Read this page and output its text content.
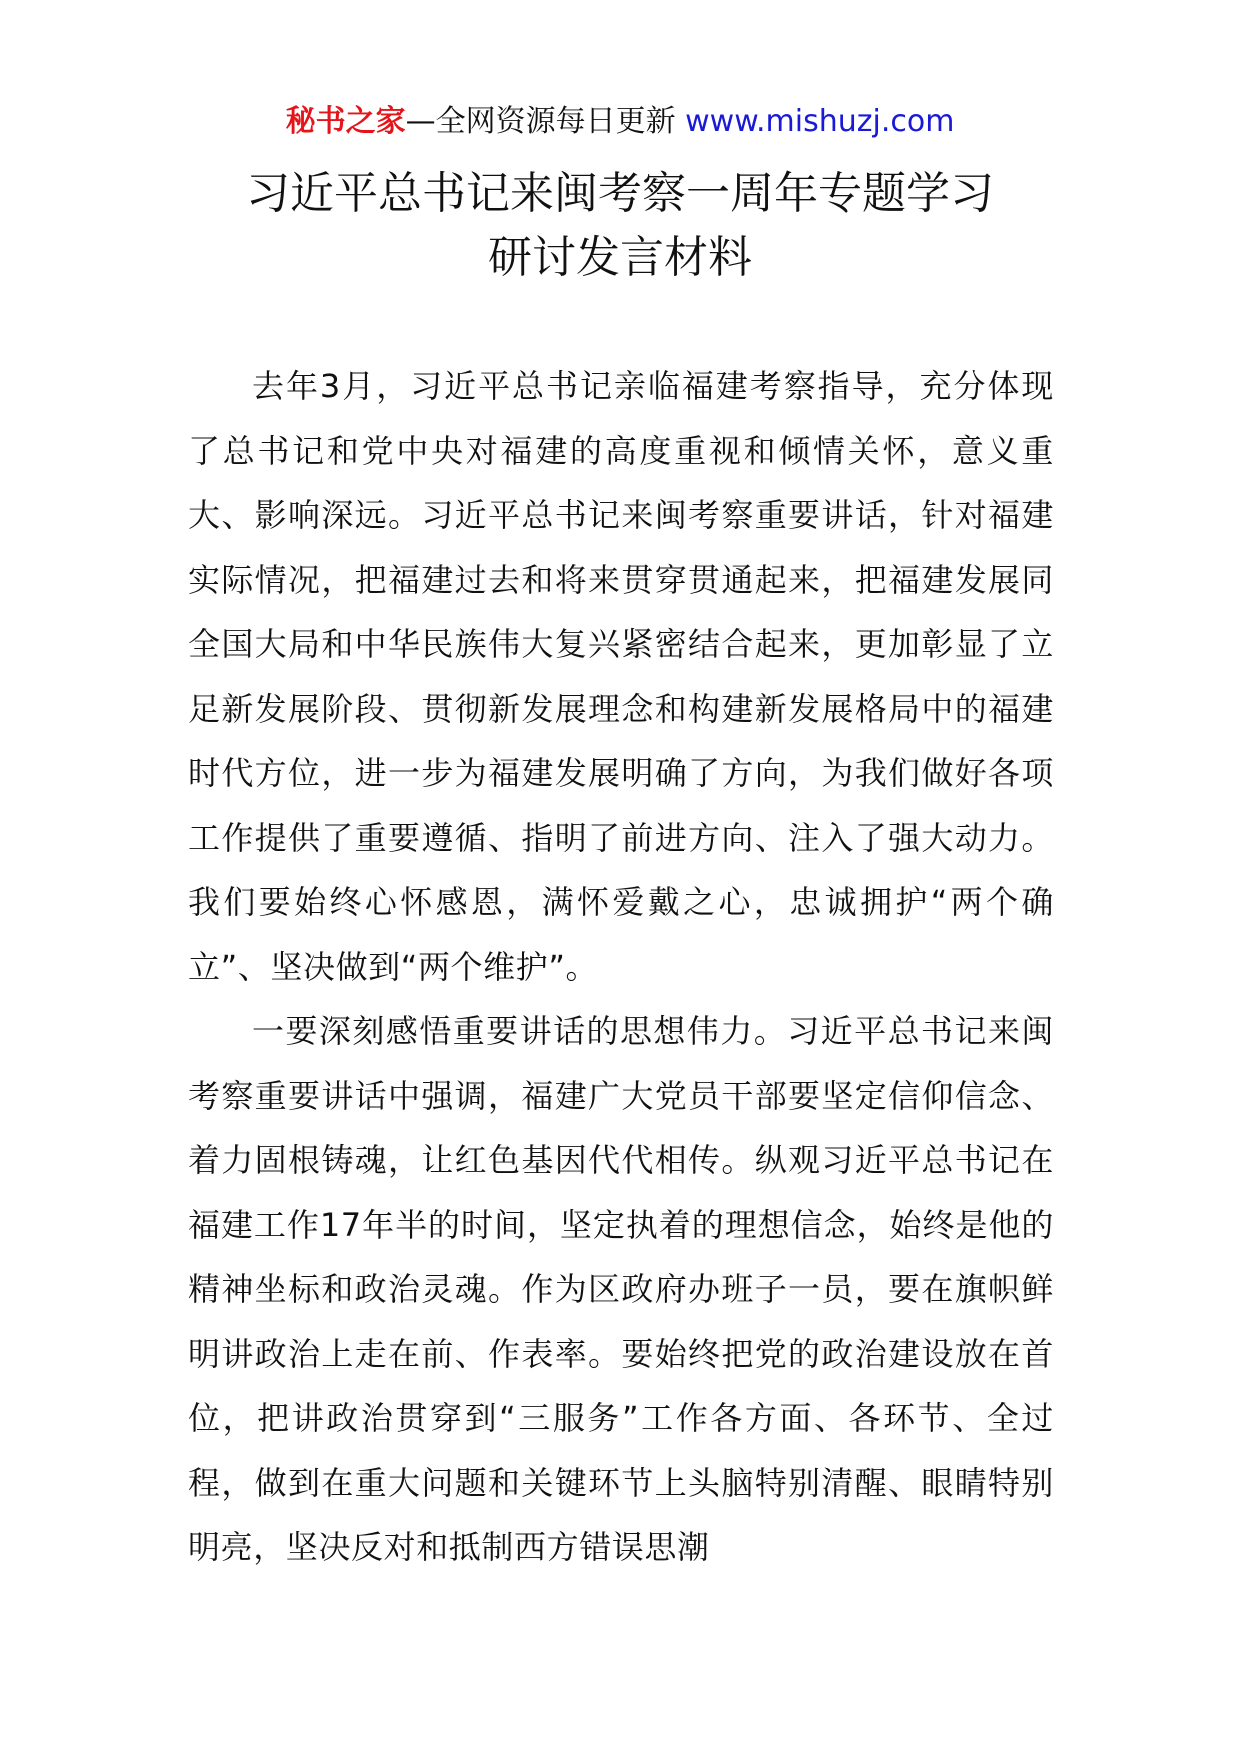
秘书之家—全网资源每日更新 www.mishuzj.com
习近平总书记来闽考察一周年专题学习
研讨发言材料

去年3月，习近平总书记亲临福建考察指导，充分体现了总书记和党中央对福建的高度重视和倾情关怀，意义重大、影响深远。习近平总书记来闽考察重要讲话，针对福建实际情况，把福建过去和将来贯穿贯通起来，把福建发展同全国大局和中华民族伟大复兴紧密结合起来，更加彰显了立足新发展阶段、贯彻新发展理念和构建新发展格局中的福建时代方位，进一步为福建发展明确了方向，为我们做好各项工作提供了重要遵循、指明了前进方向、注入了强大动力。我们要始终心怀感恩，满怀爱戴之心，忠诚拥护“两个确立”、坚决做到“两个维护”。

一要深刻感悟重要讲话的思想伟力。习近平总书记来闽考察重要讲话中强调，福建广大党员干部要坚定信仰信念、着力固根铸魂，让红色基因代代相传。纵观习近平总书记在福建工作17年半的时间，坚定执着的理想信念，始终是他的精神坐标和政治灵魂。作为区政府办班子一员，要在旗帜鲜明讲政治上走在前、作表率。要始终把党的政治建设放在首位，把讲政治贯穿到“三服务”工作各方面、各环节、全过程，做到在重大问题和关键环节上头脑特别清醒、眼睛特别明亮，坚决反对和抵制西方错误思潮
